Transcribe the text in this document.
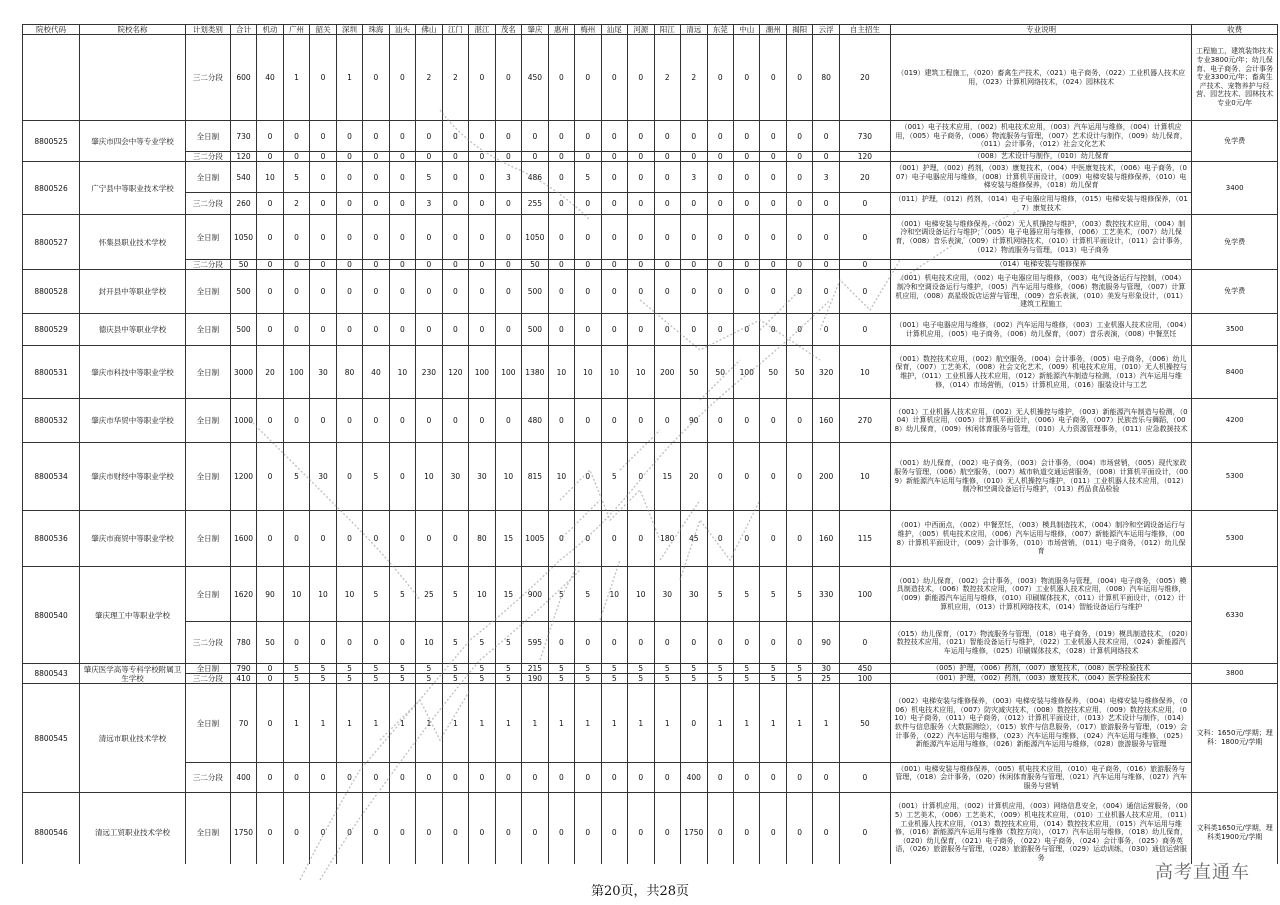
院校代码	院校名称	计划类别	合计	机动	广州	韶关	深圳	珠海	汕头	佛山	江门	湛江	茂名	肇庆	惠州	梅州	汕尾	河源	阳江	清远	东莞	中山	潮州	揭阳	云浮	自主招生	专业说明	收费
		三二分段	600	40	1	0	1	0	0	2	2	0	0	450	0	0	0	0	2	2	0	0	0	0	80	20	（019）建筑工程施工，（020）畜禽生产技术，（021）电子商务，（022）工业机器人技术应用，（023）计算机网络技术，（024）园林技术	工程施工，建筑装饰技术专业3800元/年；幼儿保育、电子商务、会计事务专业3300元/年；畜禽生产技术、宠物养护与经营、园艺技术、园林技术专业0元/年
8800525	肇庆市四会中等专业学校	全日制	730	0	0	0	0	0	0	0	0	0	0	0	0	0	0	0	0	0	0	0	0	0	0	730	（001）电子技术应用，（002）机电技术应用，（003）汽车运用与维修，（004）计算机应用，（005）电子商务，（006）物流服务与管理，（007）艺术设计与制作，（009）幼儿保育，（011）会计事务，（012）社会文化艺术	免学费
		三二分段	120	0	0	0	0	0	0	0	0	0	0	0	0	0	0	0	0	0	0	0	0	0	0	120	（008）艺术设计与制作，（010）幼儿保育	
8800526	广宁县中等职业技术学校	全日制	540	10	5	0	0	0	0	5	0	0	3	486	0	5	0	0	0	3	0	0	0	0	3	20	（001）护理，（002）药剂，（003）康复技术，（004）中医康复技术，（006）电子商务，（007）电子电器应用与维修，（008）计算机平面设计，（009）电梯安装与维修保养，（010）电梯安装与维修保养，（018）幼儿保育	3400
		三二分段	260	0	2	0	0	0	0	3	0	0	0	255	0	0	0	0	0	0	0	0	0	0	0	0	（011）护理，（012）药剂，（014）电子电器应用与维修，（015）电梯安装与维修保养，（017）康复技术	
8800527	怀集县职业技术学校	全日制	1050	0	0	0	0	0	0	0	0	0	0	1050	0	0	0	0	0	0	0	0	0	0	0	0	（001）电梯安装与维修保养，（002）无人机操控与维护，（003）数控技术应用，（004）制冷和空调设备运行与维护，（005）电子电器应用与维修，（006）工艺美术，（007）幼儿保育，（008）音乐表演，（009）计算机网络技术，（010）计算机平面设计，（011）会计事务，（012）物流服务与管理，（013）电子商务	免学费
		三二分段	50	0	0	0	0	0	0	0	0	0	0	50	0	0	0	0	0	0	0	0	0	0	0	0	（014）电梯安装与维修保养	
8800528	封开县中等职业学校	全日制	500	0	0	0	0	0	0	0	0	0	0	500	0	0	0	0	0	0	0	0	0	0	0	0	（001）机电技术应用，（002）电子电器应用与维修，（003）电气设备运行与控制，（004）制冷和空调设备运行与维护，（005）汽车运用与维修，（006）物流服务与管理，（007）计算机应用，（008）高星级饭店运营与管理，（009）音乐表演，（010）美发与形象设计，（011）建筑工程施工	免学费
8800529	德庆县中等职业学校	全日制	500	0	0	0	0	0	0	0	0	0	0	500	0	0	0	0	0	0	0	0	0	0	0	0	（001）电子电器应用与维修，（002）汽车运用与维修，（003）工业机器人技术应用，（004）计算机应用，（005）电子商务，（006）幼儿保育，（007）音乐表演，（008）中餐烹饪	3500
8800531	肇庆市科技中等职业学校	全日制	3000	20	100	30	80	40	10	230	120	100	100	1380	10	10	10	10	200	50	50	100	50	50	320	10	（001）数控技术应用，（002）航空服务，（004）会计事务，（005）电子商务，（006）幼儿保育，（007）工艺美术，（008）社会文化艺术，（009）机电技术应用，（010）无人机操控与维护，（011）工业机器人技术应用，（012）新能源汽车制造与检测，（013）汽车运用与维修，（014）市场营销，（015）计算机应用，（016）服装设计与工艺	8400
8800532	肇庆市华贸中等职业学校	全日制	1000	0	0	0	0	0	0	0	0	0	0	480	0	0	0	0	0	90	0	0	0	0	160	270	（001）工业机器人技术应用，（002）无人机操控与维护，（003）新能源汽车制造与检测，（004）计算机应用，（005）计算机平面设计，（006）电子商务，（007）民族音乐与舞蹈，（008）幼儿保育，（009）休闲体育服务与管理，（010）人力资源管理事务，（011）应急救援技术	4200
8800534	肇庆市财经中等职业学校	全日制	1200	0	5	30	0	5	0	10	30	30	10	815	10	0	5	0	15	20	0	0	0	0	200	10	（001）幼儿保育，（002）电子商务，（003）会计事务，（004）市场营销，（005）现代家政服务与管理，（006）航空服务，（007）城市轨道交通运营服务，（008）计算机平面设计，（009）新能源汽车运用与维修，（010）无人机操控与维护，（011）工业机器人技术应用，（012）制冷和空调设备运行与维护，（013）药品食品检验	5300
8800536	肇庆市商贸中等职业学校	全日制	1600	0	0	0	0	0	0	0	0	80	15	1005	0	0	0	0	180	45	0	0	0	0	160	115	（001）中西面点，（002）中餐烹饪，（003）模具制造技术，（004）制冷和空调设备运行与维护，（005）机电技术应用，（006）汽车运用与维修，（007）新能源汽车运用与维修，（008）计算机平面设计，（009）会计事务，（010）市场营销，（011）电子商务，（012）幼儿保育	5300
8800540	肇庆理工中等职业学校	全日制	1620	90	10	10	10	5	5	25	5	10	15	900	5	5	10	10	30	30	5	5	5	5	330	100	（001）幼儿保育，（002）会计事务，（003）物流服务与管理，（004）电子商务，（005）模具制造技术，（006）数控技术应用，（007）工业机器人技术应用，（008）汽车运用与维修，（009）新能源汽车运用与维修，（010）印刷媒体技术，（011）计算机平面设计，（012）计算机应用，（013）计算机网络技术，（014）智能设备运行与维护	6330
		三二分段	780	50	0	0	0	0	0	10	5	5	5	595	0	0	0	0	0	0	0	0	0	0	90	0	（015）幼儿保育，（017）物流服务与管理，（018）电子商务，（019）模具制造技术，（020）数控技术应用，（021）智能设备运行与维护，（022）工业机器人技术应用，（024）新能源汽车运用与维修，（025）印刷媒体技术，（028）计算机网络技术	
8800543	肇庆医学高等专科学校附属卫生学校	全日制	790	0	5	5	5	5	5	5	5	5	5	215	5	5	5	5	5	5	5	5	5	5	30	450	（005）护理，（006）药剂，（007）康复技术，（008）医学检验技术	3800
		三二分段	410	0	5	5	5	5	5	5	5	5	5	190	5	5	5	5	5	5	5	5	5	5	25	100	（001）护理，（002）药剂，（003）康复技术，（004）医学检验技术	
8800545	清远市职业技术学校	全日制	70	0	1	1	1	1	1	1	1	1	1	1	1	1	1	1	1	0	1	1	1	1	1	50	（002）电梯安装与维修保养，（003）电梯安装与维修保养，（004）电梯安装与维修保养，（006）机电技术应用，（007）防灾减灾技术，（008）数控技术应用，（009）数控技术应用，（010）电子商务，（011）电子商务，（012）计算机平面设计，（013）艺术设计与制作，（014）软件与信息服务（大数据测绘），（015）软件与信息服务，（017）旅游服务与管理，（019）会计事务，（022）汽车运用与维修，（023）汽车运用与维修，（024）汽车运用与维修，（025）新能源汽车运用与维修，（026）新能源汽车运用与维修，（028）旅游服务与管理	文科：1650元/学期；理科：1800元/学期
		三二分段	400	0	0	0	0	0	0	0	0	0	0	0	0	0	0	0	0	400	0	0	0	0	0	0	（001）电梯安装与维修保养，（005）机电技术应用，（010）电子商务，（016）旅游服务与管理，（018）会计事务，（020）休闲体育服务与管理，（021）汽车运用与维修，（027）汽车服务与营销	
8800546	清远工贸职业技术学校	全日制	1750	0	0	0	0	0	0	0	0	0	0	0	0	0	0	0	0	1750	0	0	0	0	0	0	（001）计算机应用，（002）计算机应用，（003）网络信息安全，（004）通信运营服务，（005）工艺美术，（006）工艺美术，（009）机电技术应用，（010）工业机器人技术应用，（011）工业机器人技术应用，（013）数控技术应用，（014）数控技术应用，（015）汽车运用与维修，（016）新能源汽车运用与维修（数控方向），（017）汽车运用与维修，（018）幼儿保育，（020）幼儿保育，（021）电子商务，（022）电子商务，（024）会计事务，（025）商务英语，（026）旅游服务与管理，（028）旅游服务与管理，（029）运动训练，（030）通信运营服务	文科类1650元/学期，理科类1900元/学期
第20页，共28页
高考直通车
